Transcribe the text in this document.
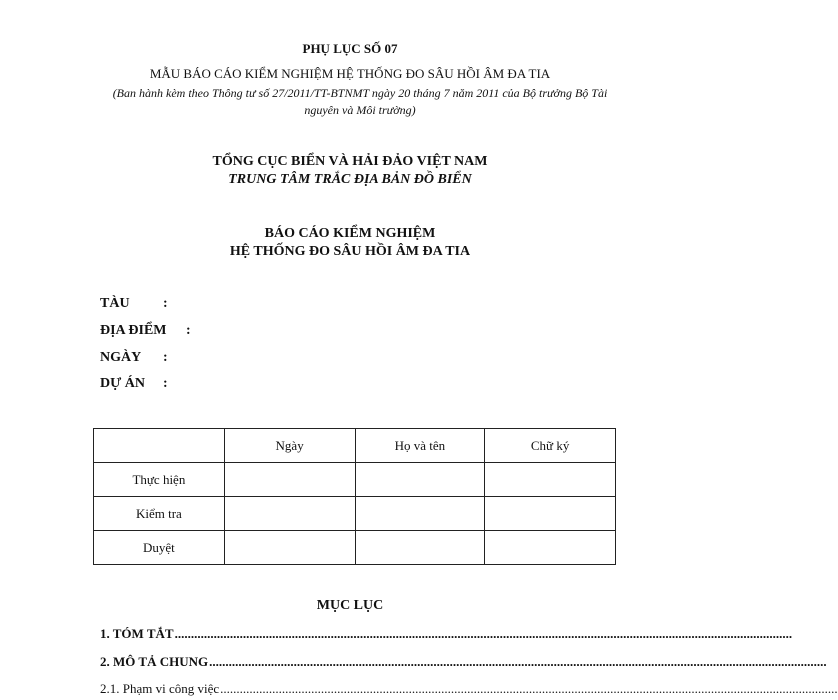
PHỤ LỤC SỐ 07
MẪU BÁO CÁO KIỂM NGHIỆM HỆ THỐNG ĐO SÂU HỒI ÂM ĐA TIA
(Ban hành kèm theo Thông tư số 27/2011/TT-BTNMT ngày 20 tháng 7 năm 2011 của Bộ trưởng Bộ Tài nguyên và Môi trường)
TỔNG CỤC BIỂN VÀ HẢI ĐẢO VIỆT NAM
TRUNG TÂM TRẮC ĐỊA BẢN ĐỒ BIỂN
BÁO CÁO KIỂM NGHIỆM
HỆ THỐNG ĐO SÂU HỒI ÂM ĐA TIA
TÀU :
ĐỊA ĐIỂM :
NGÀY :
DỰ ÁN :
	Ngày	Họ và tên	Chữ ký
Thực hiện			
Kiểm tra			
Duyệt			
MỤC LỤC
1. TÓM TẮT ..............................................................................................................................................................................................
2. MÔ TẢ CHUNG ..............................................................................................................................................................................................
2.1. Phạm vi công việc ..............................................................................................................................................................................................
